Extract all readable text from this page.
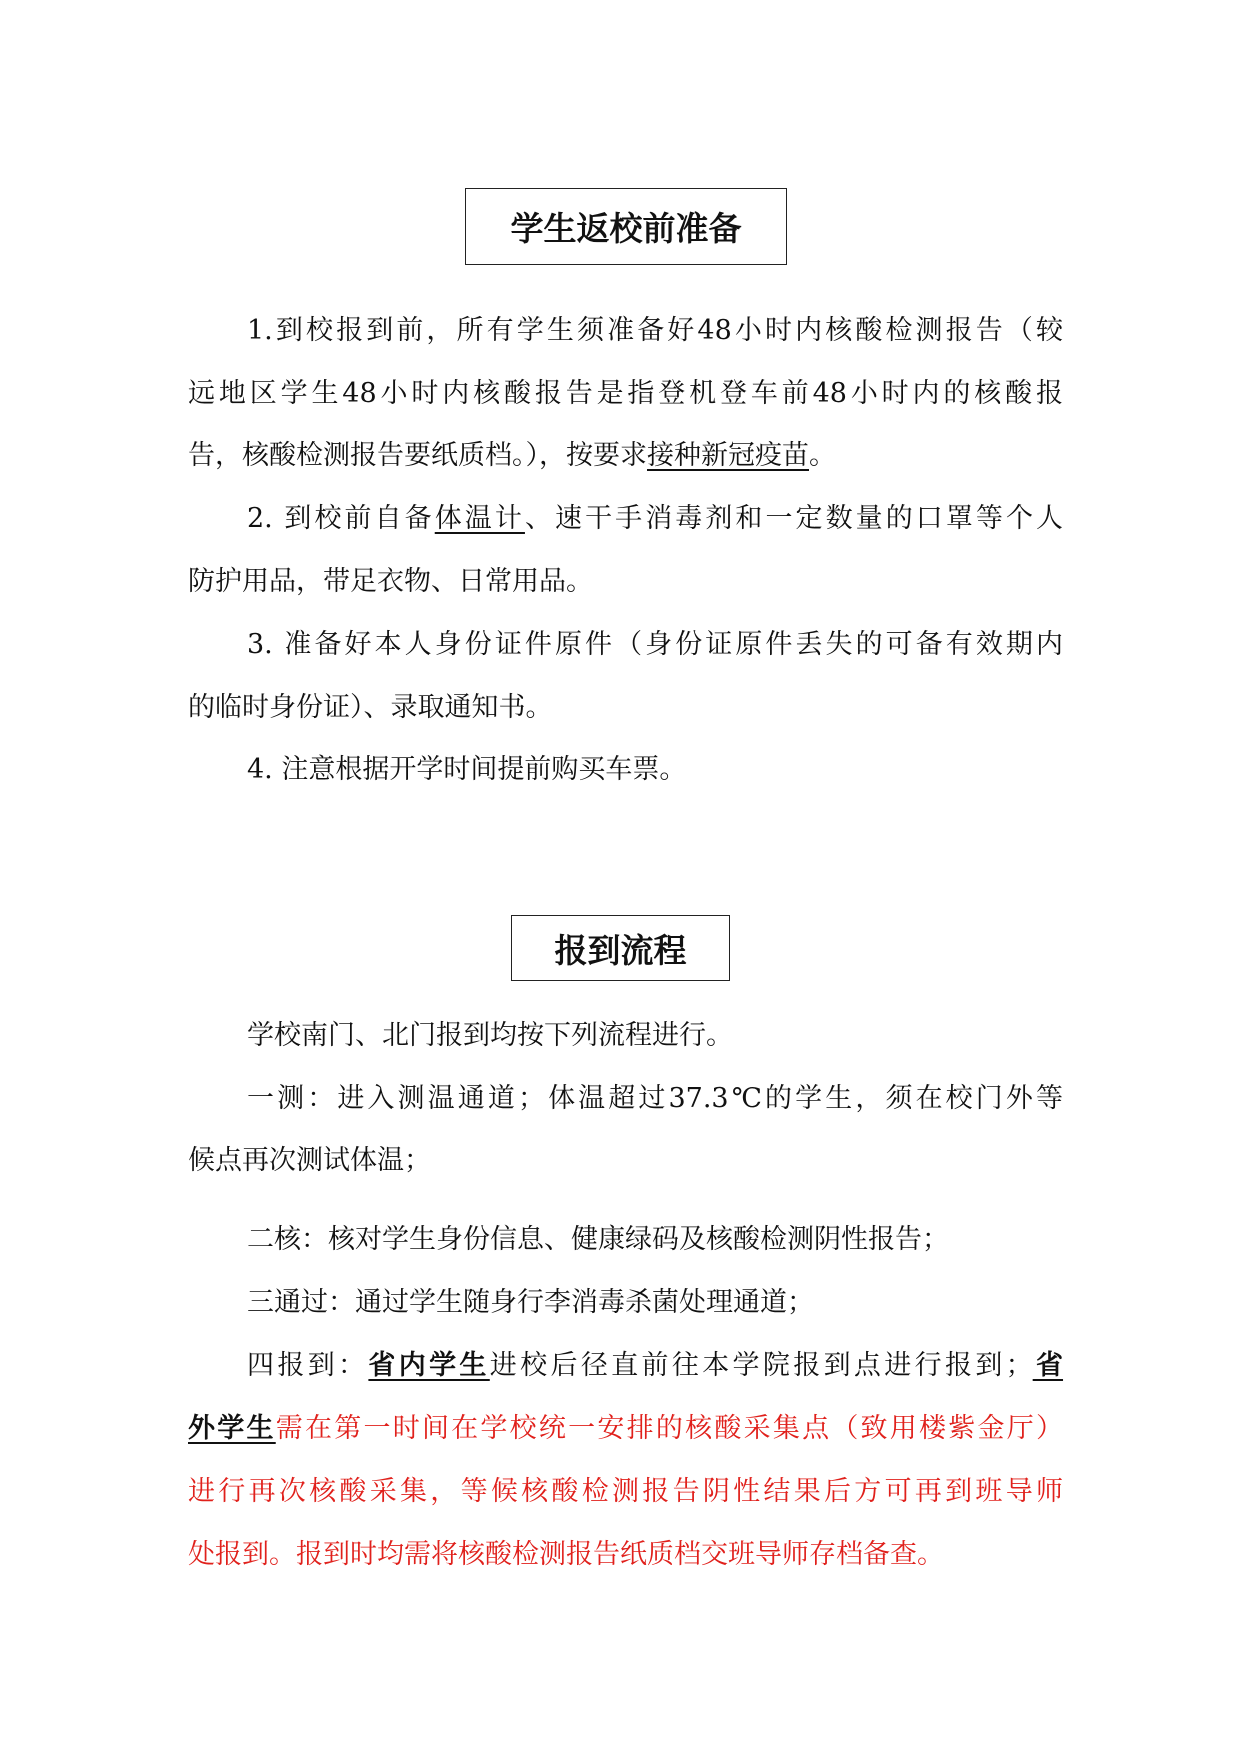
学生返校前准备
1.到校报到前，所有学生须准备好48小时内核酸检测报告（较
远地区学生48小时内核酸报告是指登机登车前48小时内的核酸报
告，核酸检测报告要纸质档。），按要求接种新冠疫苗。
2. 到校前自备体温计、速干手消毒剂和一定数量的口罩等个人
防护用品，带足衣物、日常用品。
3. 准备好本人身份证件原件（身份证原件丢失的可备有效期内
的临时身份证）、录取通知书。
4. 注意根据开学时间提前购买车票。
报到流程
学校南门、北门报到均按下列流程进行。
一测：进入测温通道；体温超过37.3℃的学生，须在校门外等
候点再次测试体温；
二核：核对学生身份信息、健康绿码及核酸检测阴性报告；
三通过：通过学生随身行李消毒杀菌处理通道；
四报到：省内学生进校后径直前往本学院报到点进行报到；省
外学生需在第一时间在学校统一安排的核酸采集点（致用楼紫金厅）
进行再次核酸采集，等候核酸检测报告阴性结果后方可再到班导师
处报到。报到时均需将核酸检测报告纸质档交班导师存档备查。
